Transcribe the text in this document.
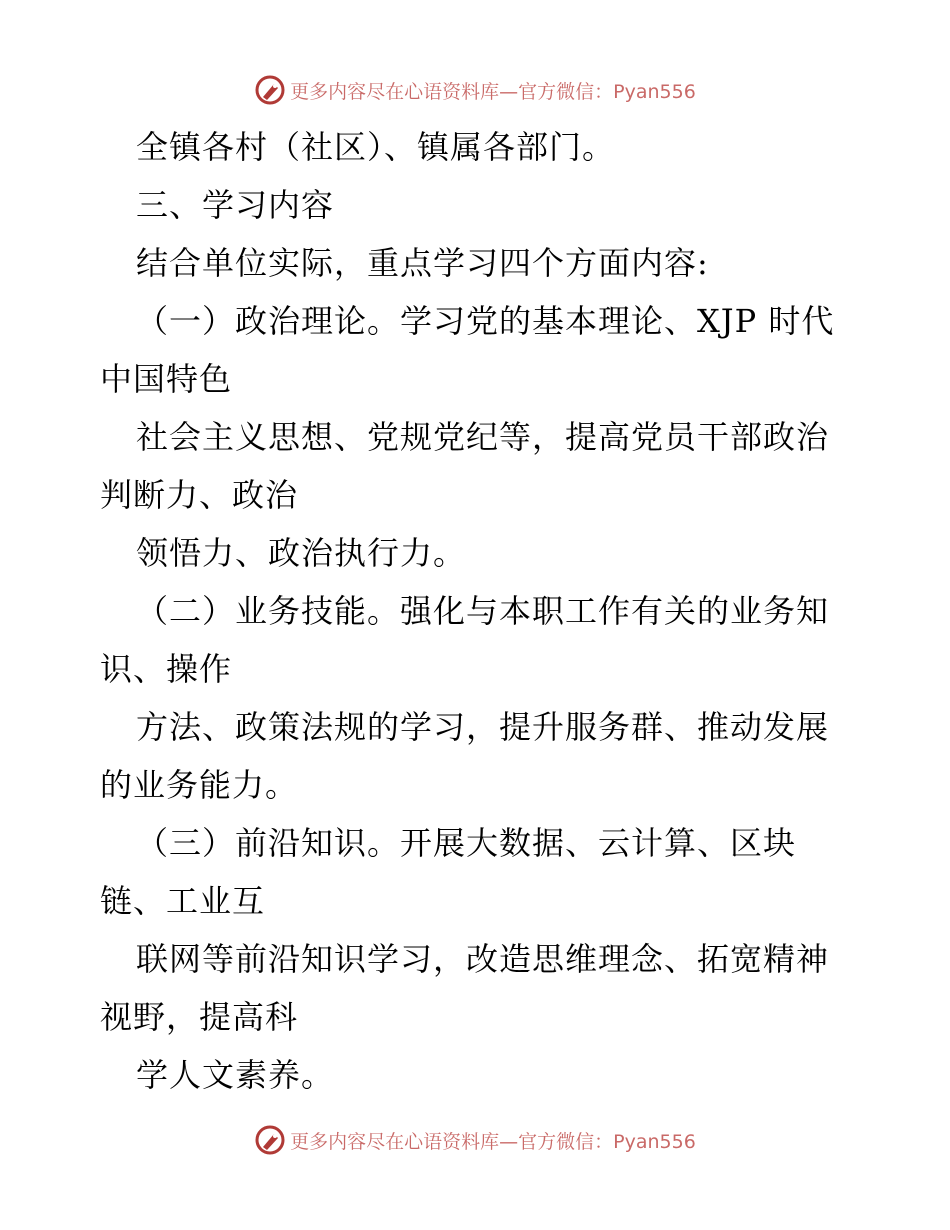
更多内容尽在心语资料库—官方微信：Pyan556
全镇各村（社区）、镇属各部门。
三、学习内容
结合单位实际，重点学习四个方面内容:
（一）政治理论。学习党的基本理论、XJP 时代
中国特色
社会主义思想、党规党纪等，提高党员干部政治
判断力、政治
领悟力、政治执行力。
（二）业务技能。强化与本职工作有关的业务知
识、操作
方法、政策法规的学习，提升服务群、推动发展
的业务能力。
（三）前沿知识。开展大数据、云计算、区块
链、工业互
联网等前沿知识学习，改造思维理念、拓宽精神
视野，提高科
学人文素养。
更多内容尽在心语资料库—官方微信：Pyan556
